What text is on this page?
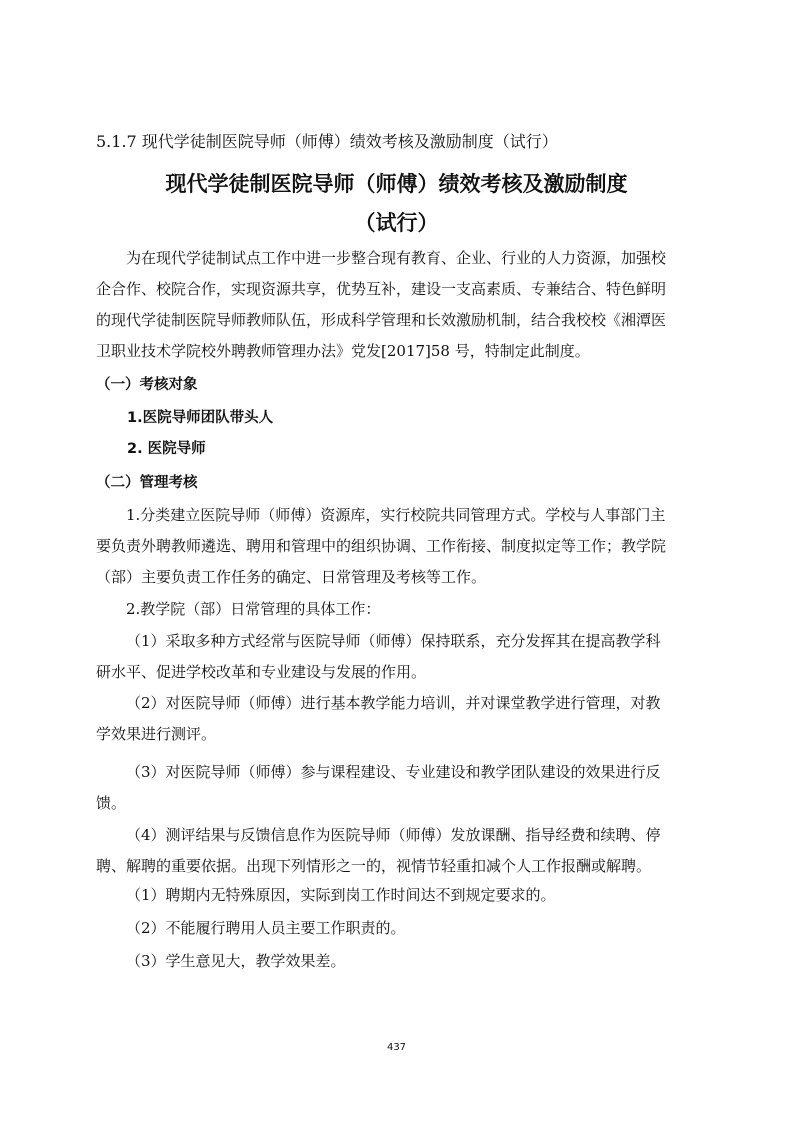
5.1.7 现代学徒制医院导师（师傅）绩效考核及激励制度（试行）
现代学徒制医院导师（师傅）绩效考核及激励制度
（试行）

为在现代学徒制试点工作中进一步整合现有教育、企业、行业的人力资源，加强校
企合作、校院合作，实现资源共享，优势互补，建设一支高素质、专兼结合、特色鲜明
的现代学徒制医院导师教师队伍，形成科学管理和长效激励机制，结合我校校《湘潭医
卫职业技术学院校外聘教师管理办法》党发[2017]58 号，特制定此制度。

（一）考核对象
1.医院导师团队带头人
2. 医院导师
（二）管理考核

1.分类建立医院导师（师傅）资源库，实行校院共同管理方式。学校与人事部门主
要负责外聘教师遴选、聘用和管理中的组织协调、工作衔接、制度拟定等工作；教学院
（部）主要负责工作任务的确定、日常管理及考核等工作。

2.教学院（部）日常管理的具体工作：

（1）采取多种方式经常与医院导师（师傅）保持联系，充分发挥其在提高教学科
研水平、促进学校改革和专业建设与发展的作用。

（2）对医院导师（师傅）进行基本教学能力培训，并对课堂教学进行管理，对教
学效果进行测评。

（3）对医院导师（师傅）参与课程建设、专业建设和教学团队建设的效果进行反
馈。

（4）测评结果与反馈信息作为医院导师（师傅）发放课酬、指导经费和续聘、停
聘、解聘的重要依据。出现下列情形之一的，视情节轻重扣减个人工作报酬或解聘。

（1）聘期内无特殊原因，实际到岗工作时间达不到规定要求的。
（2）不能履行聘用人员主要工作职责的。
（3）学生意见大，教学效果差。
437
